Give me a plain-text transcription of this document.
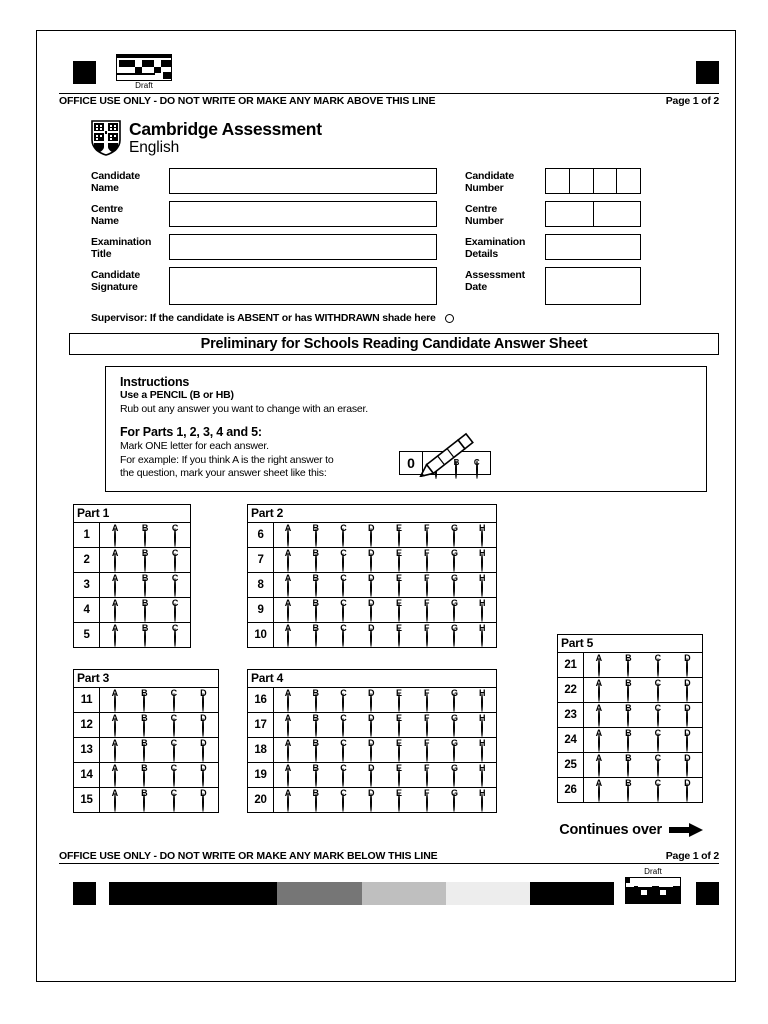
Draft
OFFICE USE ONLY - DO NOT WRITE OR MAKE ANY MARK ABOVE THIS LINE	Page 1 of 2
Cambridge Assessment
English
Candidate
Name
Candidate
Number
Centre
Name
Centre
Number
Examination
Title
Examination
Details
Candidate
Signature
Assessment
Date
Supervisor: If the candidate is ABSENT or has WITHDRAWN shade here
Preliminary for Schools Reading Candidate Answer Sheet
Instructions
Use a PENCIL (B or HB)
Rub out any answer you want to change with an eraser.
For Parts 1, 2, 3, 4 and 5:
Mark ONE letter for each answer.
For example: If you think A is the right answer to
the question, mark your answer sheet like this:
0	B C
Part 1
1
A	B	C
2
A	B	C
3
A	B	C
4
A	B	C
5
A	B	C
Part 2
6
A	B	C	D	E	F	G	H
7
A	B	C	D	E	F	G	H
8
A	B	C	D	E	F	G	H
9
A	B	C	D	E	F	G	H
10
A	B	C	D	E	F	G	H
Part 3
11
A	B	C	D
12
A	B	C	D
13
A	B	C	D
14
A	B	C	D
15
A	B	C	D
Part 4
16
A	B	C	D	E	F	G	H
17
A	B	C	D	E	F	G	H
18
A	B	C	D	E	F	G	H
19
A	B	C	D	E	F	G	H
20
A	B	C	D	E	F	G	H
Part 5
21
A	B	C	D
22
A	B	C	D
23
A	B	C	D
24
A	B	C	D
25
A	B	C	D
26
A	B	C	D
Continues over
OFFICE USE ONLY - DO NOT WRITE OR MAKE ANY MARK BELOW THIS LINE	Page 1 of 2
Draft
